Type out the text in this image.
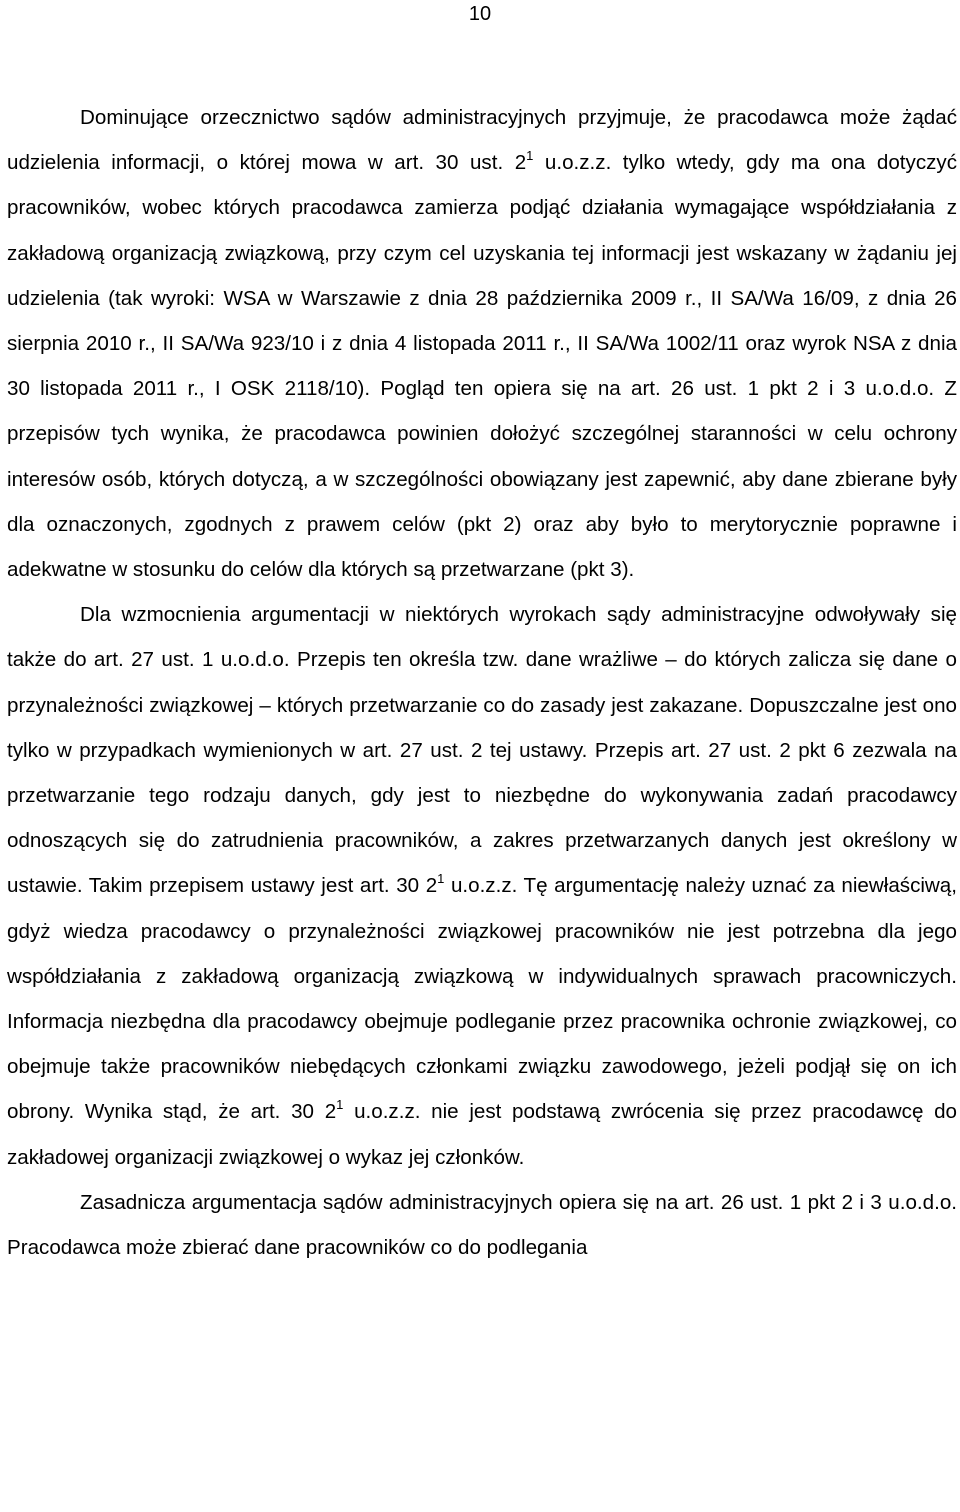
10

Dominujące orzecznictwo sądów administracyjnych przyjmuje, że pracodawca może żądać udzielenia informacji, o której mowa w art. 30 ust. $2^1$ u.o.z.z. tylko wtedy, gdy ma ona dotyczyć pracowników, wobec których pracodawca zamierza podjąć działania wymagające współdziałania z zakładową organizacją związkową, przy czym cel uzyskania tej informacji jest wskazany w żądaniu jej udzielenia (tak wyroki: WSA w Warszawie z dnia 28 października 2009 r., II SA/Wa 16/09, z dnia 26 sierpnia 2010 r., II SA/Wa 923/10 i z dnia 4 listopada 2011 r., II SA/Wa 1002/11 oraz wyrok NSA z dnia 30 listopada 2011 r., I OSK 2118/10). Pogląd ten opiera się na art. 26 ust. 1 pkt 2 i 3 u.o.d.o. Z przepisów tych wynika, że pracodawca powinien dołożyć szczególnej staranności w celu ochrony interesów osób, których dotyczą, a w szczególności obowiązany jest zapewnić, aby dane zbierane były dla oznaczonych, zgodnych z prawem celów (pkt 2) oraz aby było to merytorycznie poprawne i adekwatne w stosunku do celów dla których są przetwarzane (pkt 3).

Dla wzmocnienia argumentacji w niektórych wyrokach sądy administracyjne odwoływały się także do art. 27 ust. 1 u.o.d.o. Przepis ten określa tzw. dane wrażliwe – do których zalicza się dane o przynależności związkowej – których przetwarzanie co do zasady jest zakazane. Dopuszczalne jest ono tylko w przypadkach wymienionych w art. 27 ust. 2 tej ustawy. Przepis art. 27 ust. 2 pkt 6 zezwala na przetwarzanie tego rodzaju danych, gdy jest to niezbędne do wykonywania zadań pracodawcy odnoszących się do zatrudnienia pracowników, a zakres przetwarzanych danych jest określony w ustawie. Takim przepisem ustawy jest art. 30 $2^1$ u.o.z.z. Tę argumentację należy uznać za niewłaściwą, gdyż wiedza pracodawcy o przynależności związkowej pracowników nie jest potrzebna dla jego współdziałania z zakładową organizacją związkową w indywidualnych sprawach pracowniczych. Informacja niezbędna dla pracodawcy obejmuje podleganie przez pracownika ochronie związkowej, co obejmuje także pracowników niebędących członkami związku zawodowego, jeżeli podjął się on ich obrony. Wynika stąd, że art. 30 $2^1$ u.o.z.z. nie jest podstawą zwrócenia się przez pracodawcę do zakładowej organizacji związkowej o wykaz jej członków.

Zasadnicza argumentacja sądów administracyjnych opiera się na art. 26 ust. 1 pkt 2 i 3 u.o.d.o. Pracodawca może zbierać dane pracowników co do podlegania
